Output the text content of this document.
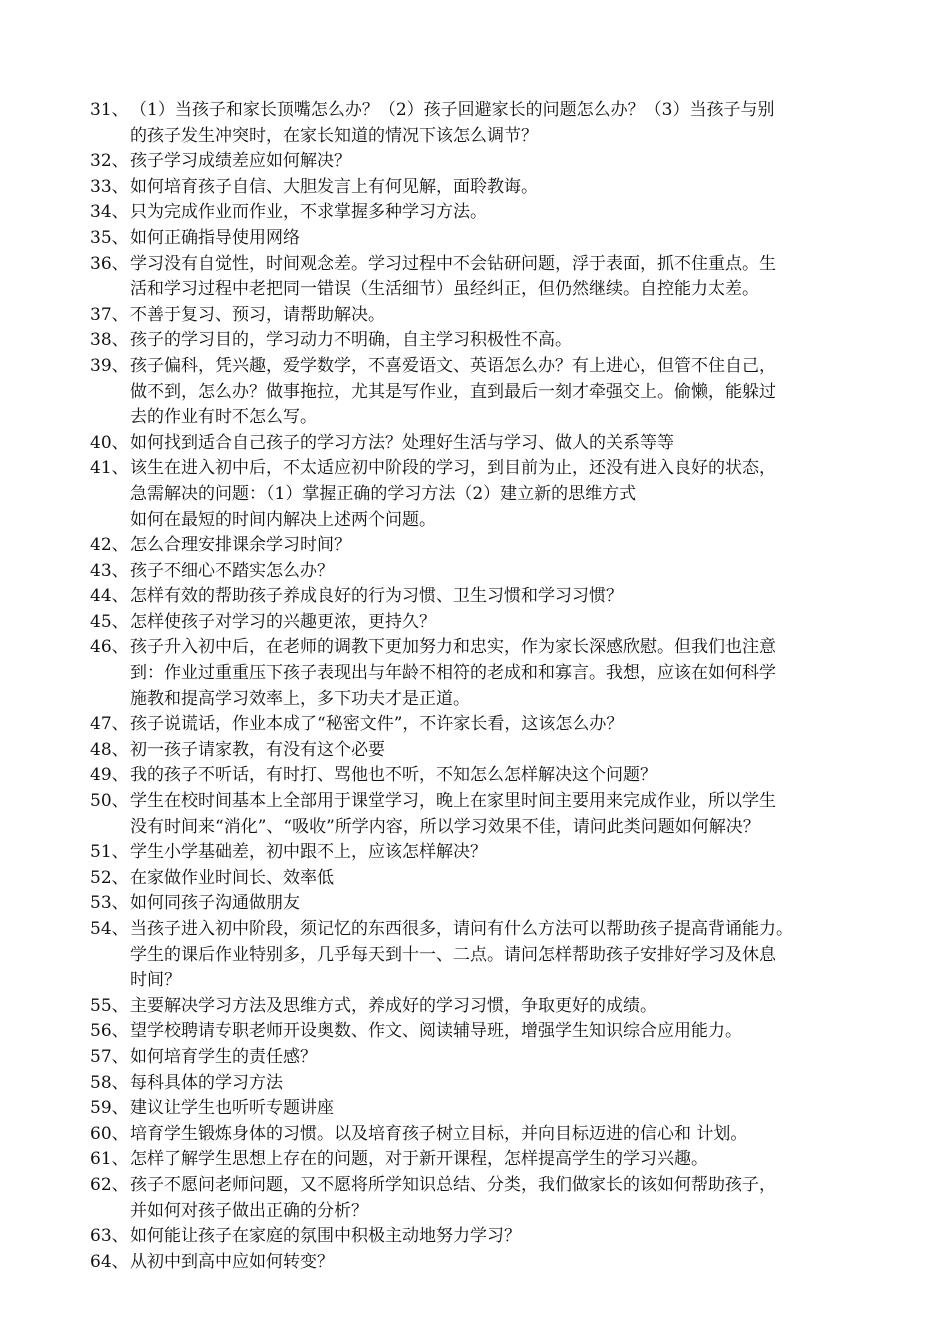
31、 （1）当孩子和家长顶嘴怎么办？（2）孩子回避家长的问题怎么办？（3）当孩子与别
的孩子发生冲突时，在家长知道的情况下该怎么调节？
32、 孩子学习成绩差应如何解决？
33、 如何培育孩子自信、大胆发言上有何见解，面聆教诲。
34、 只为完成作业而作业，不求掌握多种学习方法。
35、 如何正确指导使用网络
36、 学习没有自觉性，时间观念差。学习过程中不会钻研问题，浮于表面，抓不住重点。生
活和学习过程中老把同一错误（生活细节）虽经纠正，但仍然继续。自控能力太差。
37、 不善于复习、预习，请帮助解决。
38、 孩子的学习目的，学习动力不明确，自主学习积极性不高。
39、 孩子偏科，凭兴趣，爱学数学，不喜爱语文、英语怎么办？有上进心，但管不住自己，
做不到，怎么办？做事拖拉，尤其是写作业，直到最后一刻才牵强交上。偷懒，能躲过
去的作业有时不怎么写。
40、 如何找到适合自己孩子的学习方法？处理好生活与学习、做人的关系等等
41、 该生在进入初中后，不太适应初中阶段的学习，到目前为止，还没有进入良好的状态，
急需解决的问题：（1）掌握正确的学习方法（2）建立新的思维方式
如何在最短的时间内解决上述两个问题。
42、 怎么合理安排课余学习时间？
43、 孩子不细心不踏实怎么办？
44、 怎样有效的帮助孩子养成良好的行为习惯、卫生习惯和学习习惯？
45、 怎样使孩子对学习的兴趣更浓，更持久？
46、 孩子升入初中后，在老师的调教下更加努力和忠实，作为家长深感欣慰。但我们也注意
到：作业过重重压下孩子表现出与年龄不相符的老成和和寡言。我想，应该在如何科学
施教和提高学习效率上，多下功夫才是正道。
47、 孩子说谎话，作业本成了“秘密文件”，不许家长看，这该怎么办？
48、 初一孩子请家教，有没有这个必要
49、 我的孩子不听话，有时打、骂他也不听，不知怎么怎样解决这个问题？
50、 学生在校时间基本上全部用于课堂学习，晚上在家里时间主要用来完成作业，所以学生
没有时间来“消化”、“吸收”所学内容，所以学习效果不佳，请问此类问题如何解决？
51、 学生小学基础差，初中跟不上，应该怎样解决？
52、 在家做作业时间长、效率低
53、 如何同孩子沟通做朋友
54、 当孩子进入初中阶段，须记忆的东西很多，请问有什么方法可以帮助孩子提高背诵能力。
学生的课后作业特别多，几乎每天到十一、二点。请问怎样帮助孩子安排好学习及休息
时间？
55、 主要解决学习方法及思维方式，养成好的学习习惯，争取更好的成绩。
56、 望学校聘请专职老师开设奥数、作文、阅读辅导班，增强学生知识综合应用能力。
57、 如何培育学生的责任感？
58、 每科具体的学习方法
59、 建议让学生也听听专题讲座
60、 培育学生锻炼身体的习惯。以及培育孩子树立目标，并向目标迈进的信心和 计划。
61、 怎样了解学生思想上存在的问题，对于新开课程，怎样提高学生的学习兴趣。
62、 孩子不愿问老师问题，又不愿将所学知识总结、分类，我们做家长的该如何帮助孩子，
并如何对孩子做出正确的分析？
63、 如何能让孩子在家庭的氛围中积极主动地努力学习？
64、 从初中到高中应如何转变？
